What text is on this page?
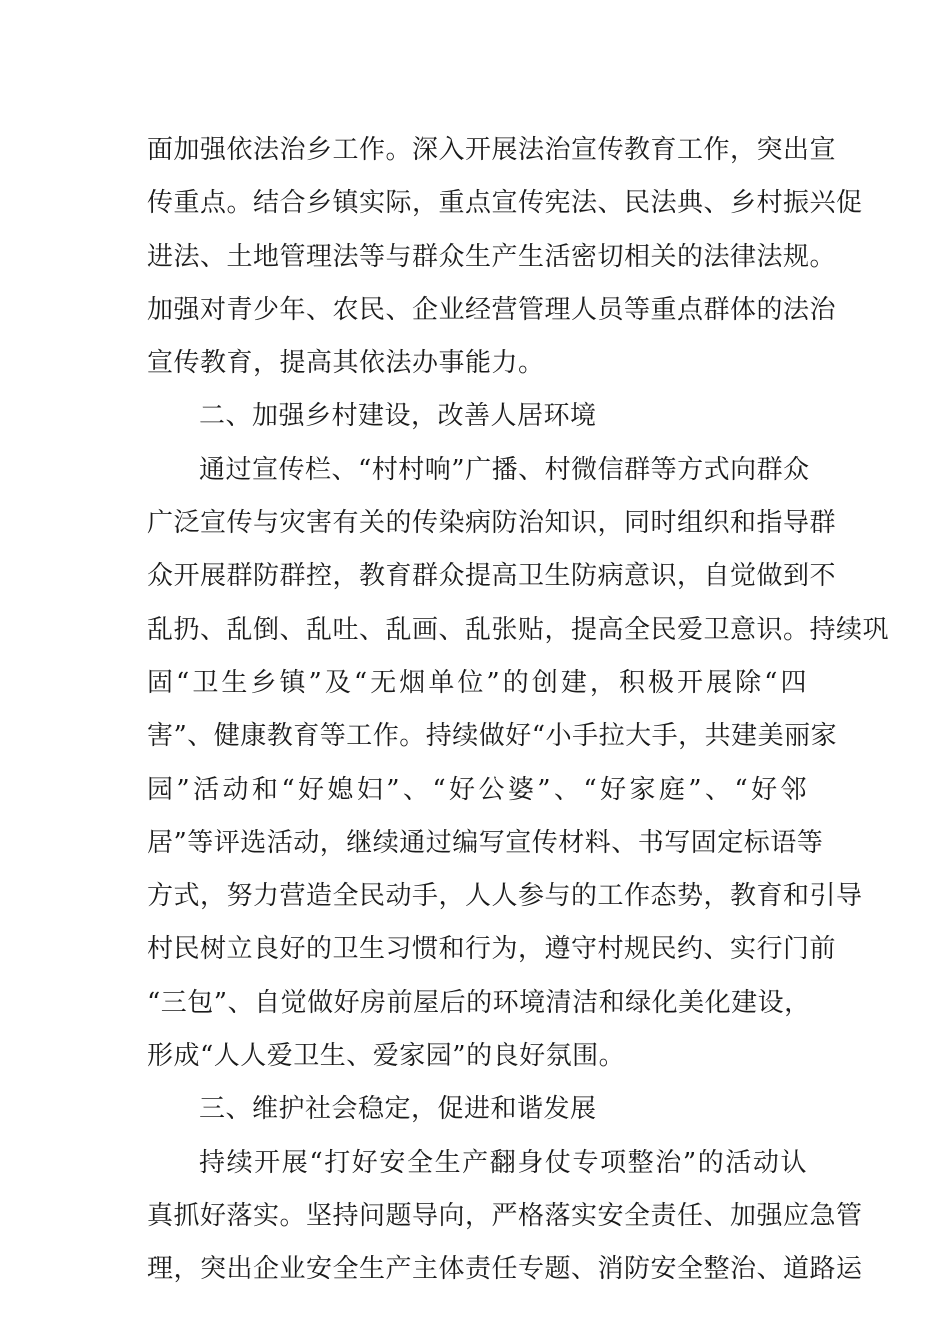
面加强依法治乡工作。深入开展法治宣传教育工作，突出宣
传重点。结合乡镇实际，重点宣传宪法、民法典、乡村振兴促
进法、土地管理法等与群众生产生活密切相关的法律法规。
加强对青少年、农民、企业经营管理人员等重点群体的法治
宣传教育，提高其依法办事能力。
二、加强乡村建设，改善人居环境
通过宣传栏、“村村响”广播、村微信群等方式向群众
广泛宣传与灾害有关的传染病防治知识，同时组织和指导群
众开展群防群控，教育群众提高卫生防病意识，自觉做到不
乱扔、乱倒、乱吐、乱画、乱张贴，提高全民爱卫意识。持续巩
固“卫生乡镇”及“无烟单位”的创建，积极开展除“四
害”、健康教育等工作。持续做好“小手拉大手，共建美丽家
园”活动和“好媳妇”、“好公婆”、“好家庭”、“好邻
居”等评选活动，继续通过编写宣传材料、书写固定标语等
方式，努力营造全民动手，人人参与的工作态势，教育和引导
村民树立良好的卫生习惯和行为，遵守村规民约、实行门前
“三包”、自觉做好房前屋后的环境清洁和绿化美化建设，
形成“人人爱卫生、爱家园”的良好氛围。
三、维护社会稳定，促进和谐发展
持续开展“打好安全生产翻身仗专项整治”的活动认
真抓好落实。坚持问题导向，严格落实安全责任、加强应急管
理，突出企业安全生产主体责任专题、消防安全整治、道路运
